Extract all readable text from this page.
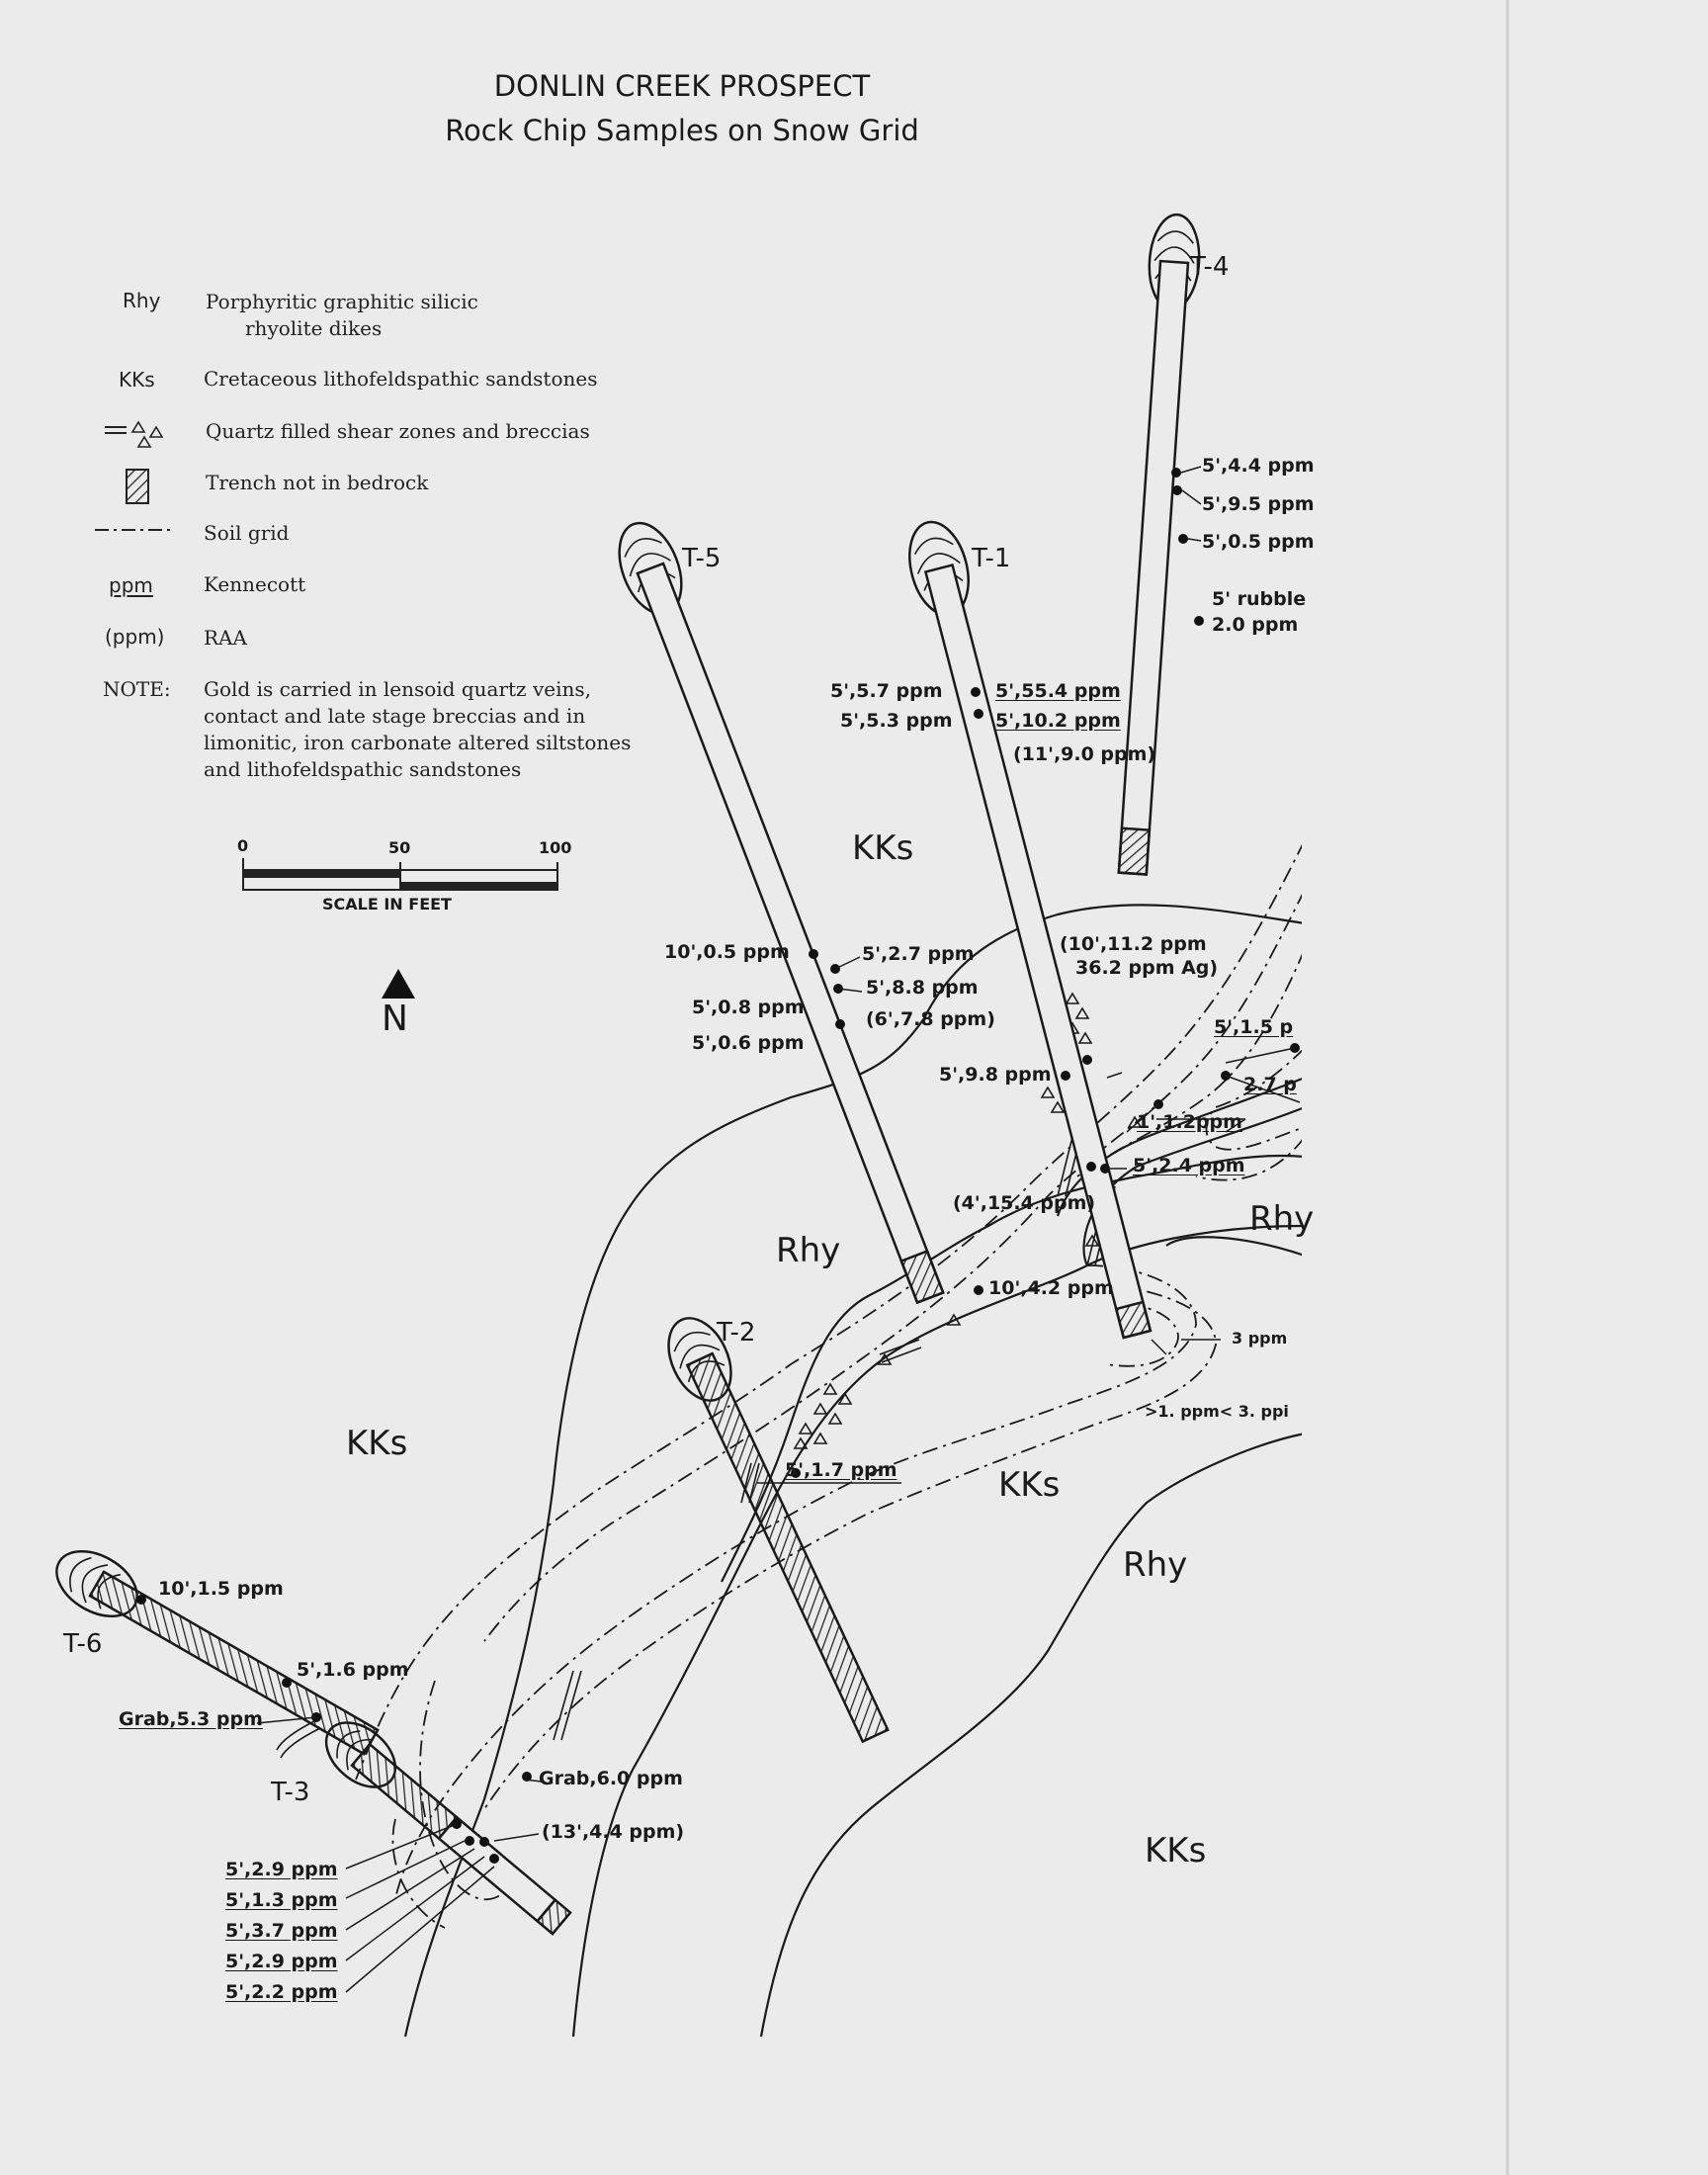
DONLIN CREEK PROSPECT
Rock Chip Samples on Snow Grid
Rhy Porphyritic graphitic silicic
rhyolite dikes
KKs Cretaceous lithofeldspathic sandstones
Quartz filled shear zones and breccias
Trench not in bedrock
Soil grid
ppm	Kennecott
(ppm) RAA
NOTE: Gold is carried in lensoid quartz veins,
contact and late stage breccias and in
limonitic, iron carbonate altered siltstones
and lithofeldspathic sandstones
0	50	100
SCALE IN FEET
N
KKs
KKs
KKs
KKs
Rhy
Rhy
Rhy
T-4
T-1
T-5
T-2
T-6
T-3
5',4.4 ppm
5',9.5 ppm
5',0.5 ppm
5' rubble
2.0 ppm
5',5.7 ppm
5',5.3 ppm
5',55.4 ppm
5',10.2 ppm
(11',9.0 ppm)
10',0.5 ppm
5',0.8 ppm
5',0.6 ppm
5',2.7 ppm
5',8.8 ppm
(6',7.8 ppm)
(10',11.2 ppm
36.2 ppm Ag)
5',9.8 ppm
5',1.5 p
2.7 p
1',1.2ppm
5',2.4 ppm
(4',15.4 ppm)
10',4.2 ppm
3 ppm
>1. ppm< 3. ppi
5',1.7 ppm
10',1.5 ppm
5',1.6 ppm
Grab,5.3 ppm
Grab,6.0 ppm
(13',4.4 ppm)
5',2.9 ppm
5',1.3 ppm
5',3.7 ppm
5',2.9 ppm
5',2.2 ppm
